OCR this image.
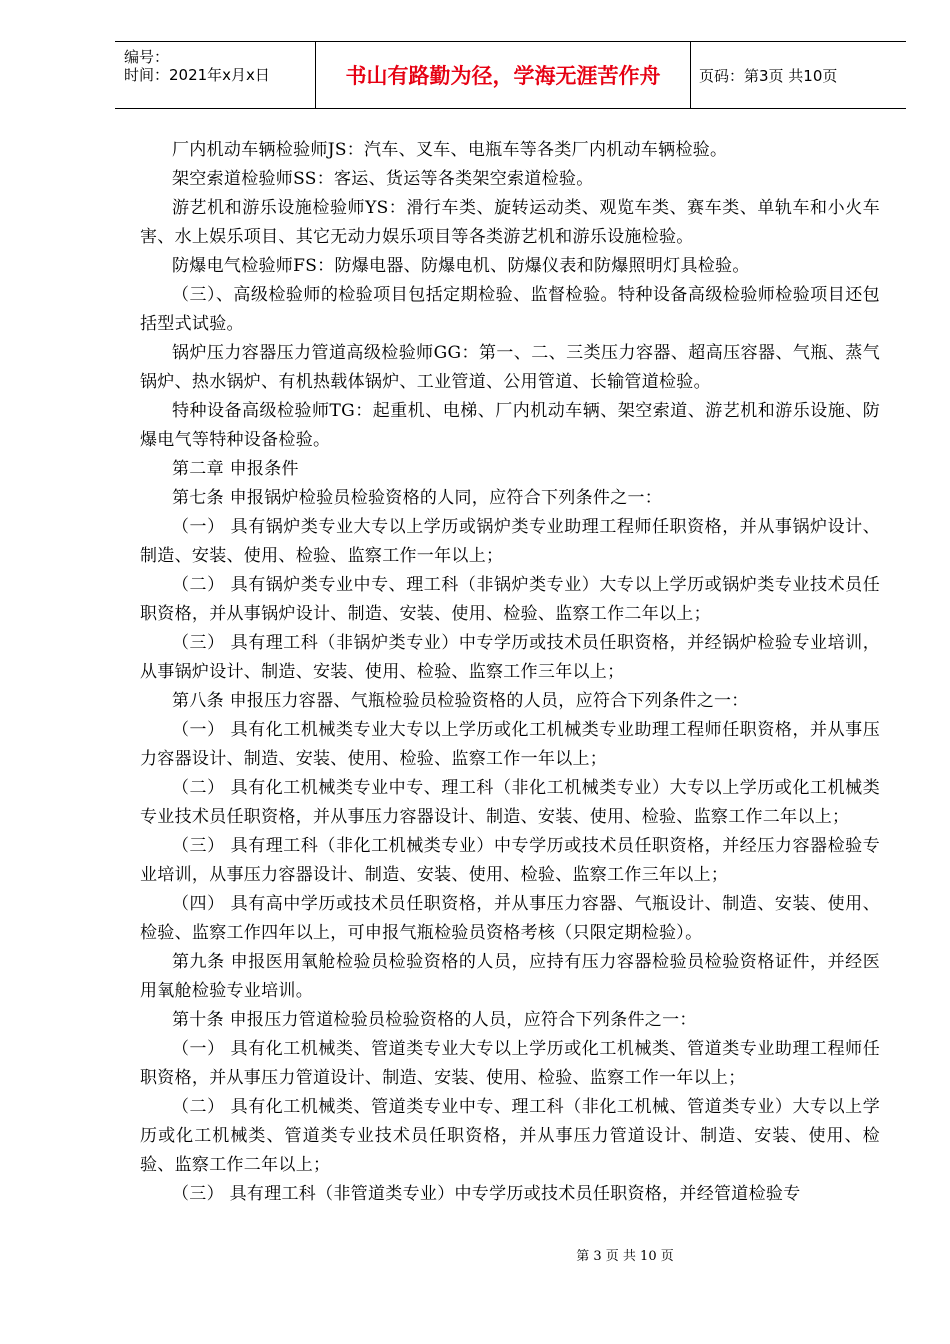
编号：
时间：2021年x月x日	书山有路勤为径，学海无涯苦作舟	页码：第3页 共10页

厂内机动车辆检验师JS：汽车、叉车、电瓶车等各类厂内机动车辆检验。

架空索道检验师SS：客运、货运等各类架空索道检验。

游艺机和游乐设施检验师YS：滑行车类、旋转运动类、观览车类、赛车类、单轨车和小火车害、水上娱乐项目、其它无动力娱乐项目等各类游艺机和游乐设施检验。

防爆电气检验师FS：防爆电器、防爆电机、防爆仪表和防爆照明灯具检验。

（三）、高级检验师的检验项目包括定期检验、监督检验。特种设备高级检验师检验项目还包括型式试验。

锅炉压力容器压力管道高级检验师GG：第一、二、三类压力容器、超高压容器、气瓶、蒸气锅炉、热水锅炉、有机热载体锅炉、工业管道、公用管道、长输管道检验。

特种设备高级检验师TG：起重机、电梯、厂内机动车辆、架空索道、游艺机和游乐设施、防爆电气等特种设备检验。

第二章 申报条件

第七条 申报锅炉检验员检验资格的人同，应符合下列条件之一：

（一） 具有锅炉类专业大专以上学历或锅炉类专业助理工程师任职资格，并从事锅炉设计、制造、安装、使用、检验、监察工作一年以上；

（二） 具有锅炉类专业中专、理工科（非锅炉类专业）大专以上学历或锅炉类专业技术员任职资格，并从事锅炉设计、制造、安装、使用、检验、监察工作二年以上；

（三） 具有理工科（非锅炉类专业）中专学历或技术员任职资格，并经锅炉检验专业培训，从事锅炉设计、制造、安装、使用、检验、监察工作三年以上；

第八条 申报压力容器、气瓶检验员检验资格的人员，应符合下列条件之一：

（一） 具有化工机械类专业大专以上学历或化工机械类专业助理工程师任职资格，并从事压力容器设计、制造、安装、使用、检验、监察工作一年以上；

（二） 具有化工机械类专业中专、理工科（非化工机械类专业）大专以上学历或化工机械类专业技术员任职资格，并从事压力容器设计、制造、安装、使用、检验、监察工作二年以上；

（三） 具有理工科（非化工机械类专业）中专学历或技术员任职资格，并经压力容器检验专业培训，从事压力容器设计、制造、安装、使用、检验、监察工作三年以上；

（四） 具有高中学历或技术员任职资格，并从事压力容器、气瓶设计、制造、安装、使用、检验、监察工作四年以上，可申报气瓶检验员资格考核（只限定期检验）。

第九条 申报医用氧舱检验员检验资格的人员，应持有压力容器检验员检验资格证件，并经医用氧舱检验专业培训。

第十条 申报压力管道检验员检验资格的人员，应符合下列条件之一：

（一） 具有化工机械类、管道类专业大专以上学历或化工机械类、管道类专业助理工程师任职资格，并从事压力管道设计、制造、安装、使用、检验、监察工作一年以上；

（二） 具有化工机械类、管道类专业中专、理工科（非化工机械、管道类专业）大专以上学历或化工机械类、管道类专业技术员任职资格，并从事压力管道设计、制造、安装、使用、检验、监察工作二年以上；

（三） 具有理工科（非管道类专业）中专学历或技术员任职资格，并经管道检验专

第 3 页 共 10 页
